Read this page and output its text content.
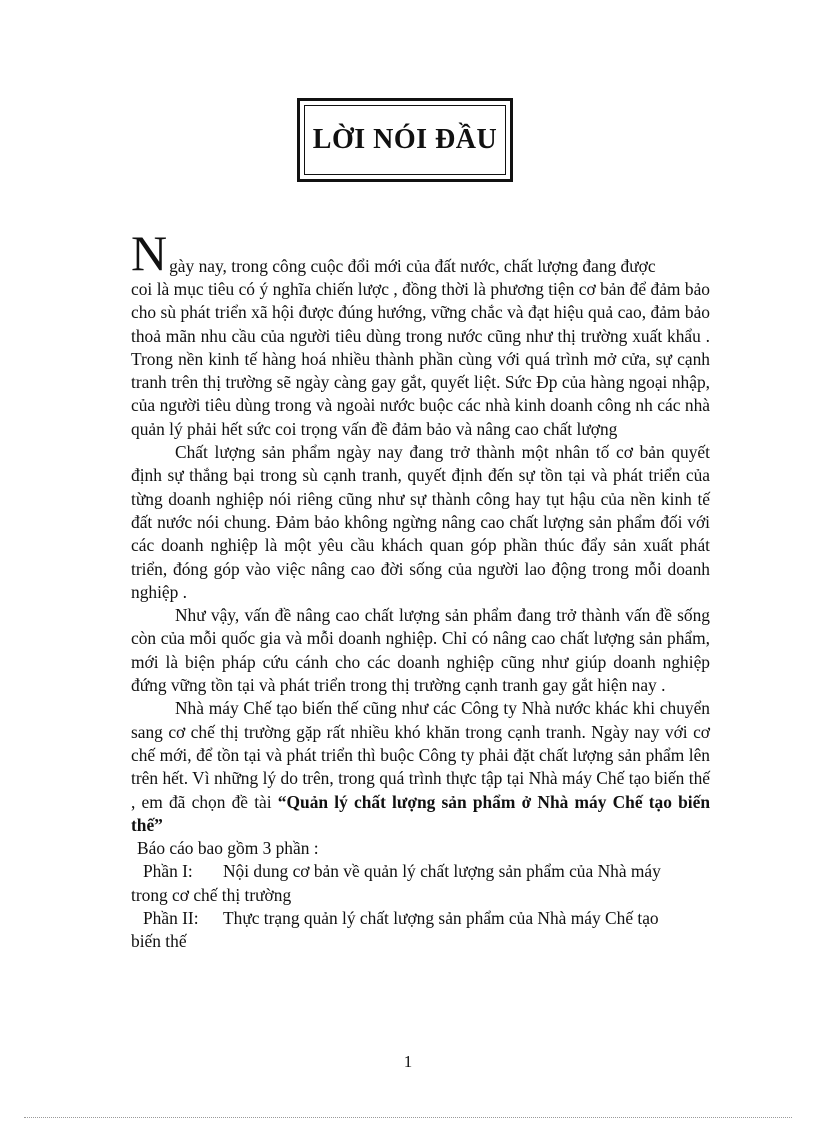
LỜI NÓI ĐẦU
N gày nay, trong công cuộc đổi mới của đất nước, chất lượng đang được

coi là mục tiêu có ý nghĩa chiến lược , đồng thời là phương tiện cơ bản để đảm bảo cho sù phát triển xã hội được đúng hướng, vững chắc và đạt hiệu quả cao, đảm bảo thoả mãn nhu cầu của người tiêu dùng trong nước cũng như thị trường xuất khẩu . Trong nền kinh tế hàng hoá nhiều thành phần cùng với quá trình mở cửa, sự cạnh tranh trên thị trường sẽ ngày càng gay gắt, quyết liệt. Sức Đp của hàng ngoại nhập, của người tiêu dùng trong và ngoài nước buộc các nhà kinh doanh công nh các nhà quản lý phải hết sức coi trọng vấn đề đảm bảo và nâng cao chất lượng

Chất lượng sản phẩm ngày nay đang trở thành một nhân tố cơ bản quyết định sự thắng bại trong sù cạnh tranh, quyết định đến sự tồn tại và phát triển của từng doanh nghiệp nói riêng cũng như sự thành công hay tụt hậu của nền kinh tế đất nước nói chung. Đảm bảo không ngừng nâng cao chất lượng sản phẩm đối với các doanh nghiệp là một yêu cầu khách quan góp phần thúc đẩy sản xuất phát triển, đóng góp vào việc nâng cao đời sống của người lao động trong mỗi doanh nghiệp .

Như vậy, vấn đề nâng cao chất lượng sản phẩm đang trở thành vấn đề sống còn của mỗi quốc gia và mỗi doanh nghiệp. Chỉ có nâng cao chất lượng sản phẩm, mới là biện pháp cứu cánh cho các doanh nghiệp cũng như giúp doanh nghiệp đứng vững tồn tại và phát triển trong thị trường cạnh tranh gay gắt hiện nay .

Nhà máy Chế tạo biến thế cũng như các Công ty Nhà nước khác khi chuyển sang cơ chế thị trường gặp rất nhiều khó khăn trong cạnh tranh. Ngày nay với cơ chế mới, để tồn tại và phát triển thì buộc Công ty phải đặt chất lượng sản phẩm lên trên hết. Vì những lý do trên, trong quá trình thực tập tại Nhà máy Chế tạo biến thế , em đã chọn đề tài “Quản lý chất lượng sản phẩm ở Nhà máy Chế tạo biến thế”

Báo cáo bao gồm 3 phần :

Phần I: Nội dung cơ bản về quản lý chất lượng sản phẩm của Nhà máy

trong cơ chế thị trường

Phần II: Thực trạng quản lý chất lượng sản phẩm của Nhà máy Chế tạo

biến thế

1
